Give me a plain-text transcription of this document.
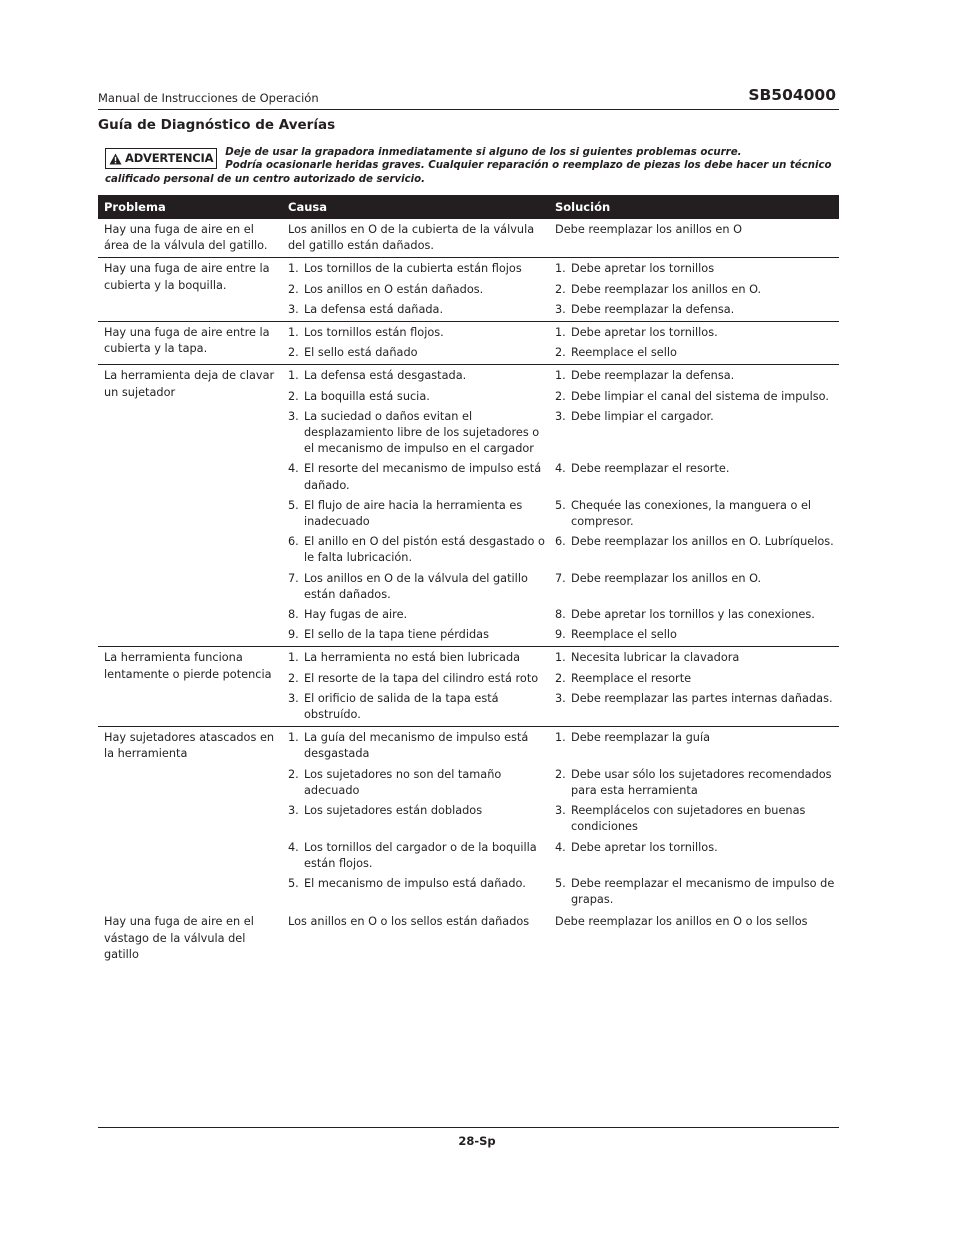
Manual de Instrucciones de Operación	SB504000
Guía de Diagnóstico de Averías
ADVERTENCIA	Deje de usar la grapadora inmediatamente si alguno de los si guientes problemas ocurre.
Podría ocasionarle heridas graves. Cualquier reparación o reemplazo de piezas los debe hacer un técnico calificado personal de un centro autorizado de servicio.
Problema	Causa	Solución
Hay una fuga de aire en el área de la válvula del gatillo.	Los anillos en O de la cubierta de la válvula del gatillo están dañados.	Debe reemplazar los anillos en O
Hay una fuga de aire entre la cubierta y la boquilla.	1. Los tornillos de la cubierta están flojos	1. Debe apretar los tornillos

	2. Los anillos en O están dañados.	2. Debe reemplazar los anillos en O.

	3. La defensa está dañada.	3. Debe reemplazar la defensa.

Hay una fuga de aire entre la cubierta y la tapa.	1. Los tornillos están flojos.	1. Debe apretar los tornillos.

	2. El sello está dañado	2. Reemplace el sello

La herramienta deja de clavar un sujetador	1. La defensa está desgastada.	1. Debe reemplazar la defensa.

	2. La boquilla está sucia.	2. Debe limpiar el canal del sistema de impulso.

	3. La suciedad o daños evitan el desplazamiento libre de los sujetadores o el mecanismo de impulso en el cargador	3. Debe limpiar el cargador.

	4. El resorte del mecanismo de impulso está dañado.	4. Debe reemplazar el resorte.

	5. El flujo de aire hacia la herramienta es inadecuado	5. Chequée las conexiones, la manguera o el compresor.

	6. El anillo en O del pistón está desgastado o le falta lubricación.	6. Debe reemplazar los anillos en O. Lubríquelos.

	7. Los anillos en O de la válvula del gatillo están dañados.	7. Debe reemplazar los anillos en O.

	8. Hay fugas de aire.	8. Debe apretar los tornillos y las conexiones.

	9. El sello de la tapa tiene pérdidas	9. Reemplace el sello

La herramienta funciona lentamente o pierde potencia	1. La herramienta no está bien lubricada	1. Necesita lubricar la clavadora

	2. El resorte de la tapa del cilindro está roto	2. Reemplace el resorte

	3. El orificio de salida de la tapa está obstruído.	3. Debe reemplazar las partes internas dañadas.

Hay sujetadores atascados en la herramienta	1. La guía del mecanismo de impulso está desgastada	1. Debe reemplazar la guía

	2. Los sujetadores no son del tamaño adecuado	2. Debe usar sólo los sujetadores recomendados para esta herramienta

	3. Los sujetadores están doblados	3. Reemplácelos con sujetadores en buenas condiciones

	4. Los tornillos del cargador o de la boquilla están flojos.	4. Debe apretar los tornillos.

	5. El mecanismo de impulso está dañado.	5. Debe reemplazar el mecanismo de impulso de grapas.

Hay una fuga de aire en el vástago de la válvula del gatillo	Los anillos en O o los sellos están dañados	Debe reemplazar los anillos en O o los sellos
28-Sp
